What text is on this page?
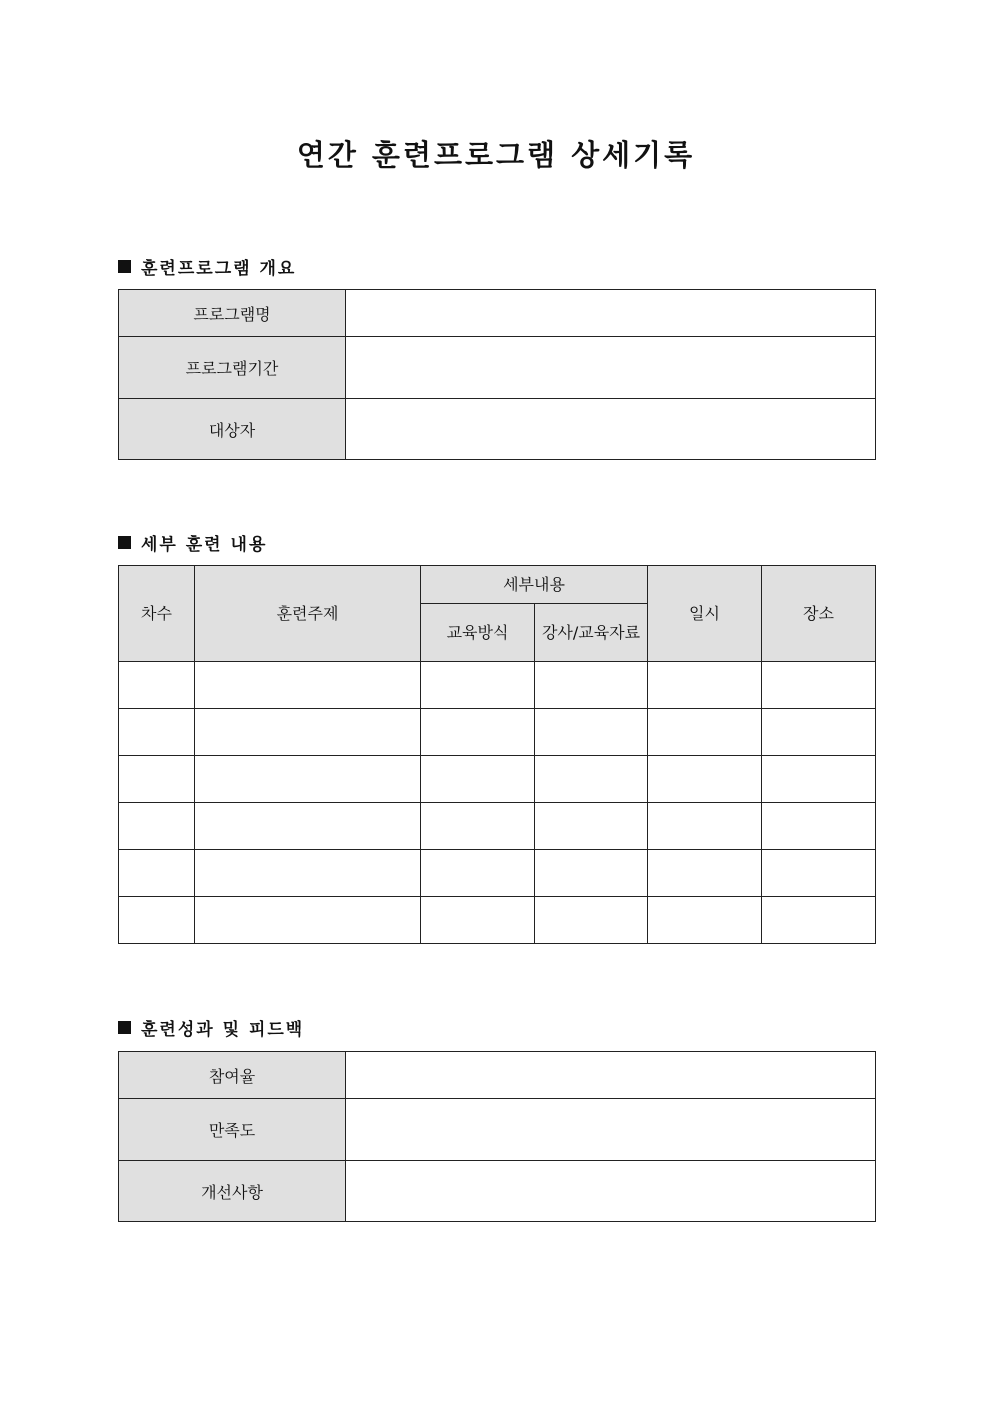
연간 훈련프로그램 상세기록
훈련프로그램 개요
프로그램명	
프로그램기간	
대상자	
세부 훈련 내용
차수	훈련주제	세부내용		일시	장소
		교육방식	강사/교육자료		

훈련성과 및 피드백
참여율	
만족도	
개선사항	
